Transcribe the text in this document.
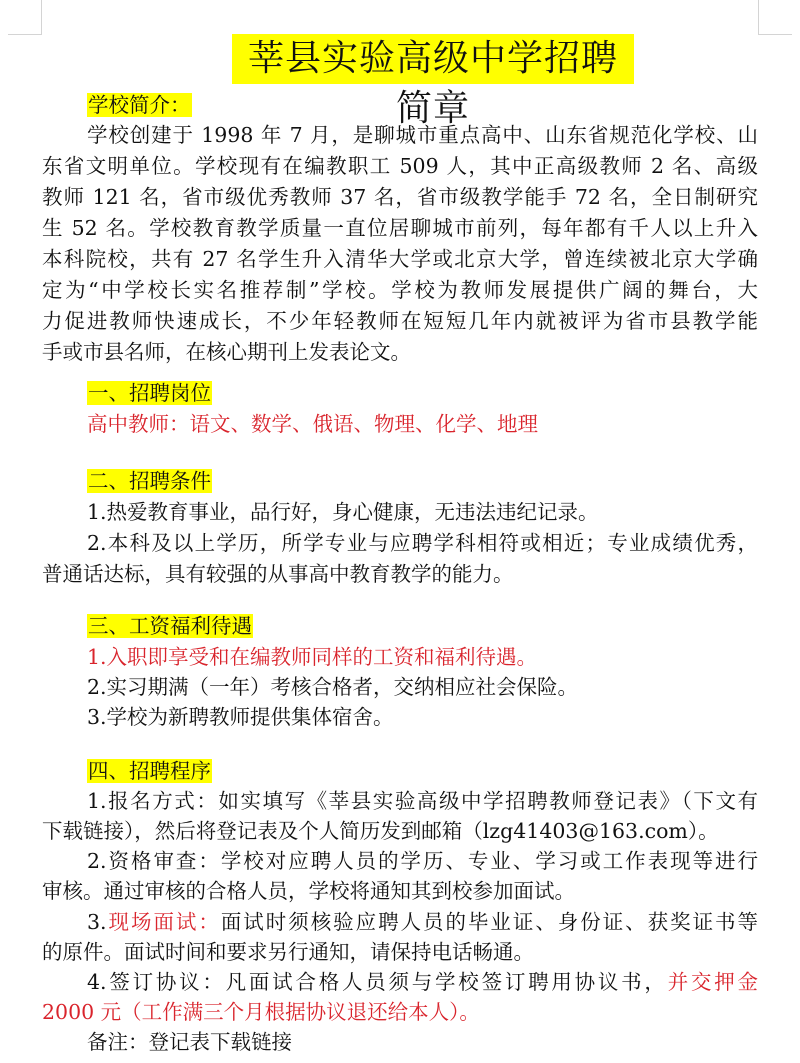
莘县实验高级中学招聘简章
学校简介：
学校创建于 1998 年 7 月，是聊城市重点高中、山东省规范化学校、山
东省文明单位。学校现有在编教职工 509 人，其中正高级教师 2 名、高级
教师 121 名，省市级优秀教师 37 名，省市级教学能手 72 名，全日制研究
生 52 名。学校教育教学质量一直位居聊城市前列，每年都有千人以上升入
本科院校，共有 27 名学生升入清华大学或北京大学，曾连续被北京大学确
定为“中学校长实名推荐制”学校。学校为教师发展提供广阔的舞台，大
力促进教师快速成长，不少年轻教师在短短几年内就被评为省市县教学能
手或市县名师，在核心期刊上发表论文。
一、招聘岗位
高中教师：语文、数学、俄语、物理、化学、地理
二、招聘条件
1.热爱教育事业，品行好，身心健康，无违法违纪记录。
2.本科及以上学历，所学专业与应聘学科相符或相近；专业成绩优秀，
普通话达标，具有较强的从事高中教育教学的能力。
三、工资福利待遇
1.入职即享受和在编教师同样的工资和福利待遇。
2.实习期满（一年）考核合格者，交纳相应社会保险。
3.学校为新聘教师提供集体宿舍。
四、招聘程序
1.报名方式：如实填写《莘县实验高级中学招聘教师登记表》（下文有
下载链接），然后将登记表及个人简历发到邮箱（lzg41403@163.com）。
2.资格审查：学校对应聘人员的学历、专业、学习或工作表现等进行
审核。通过审核的合格人员，学校将通知其到校参加面试。
3.现场面试：面试时须核验应聘人员的毕业证、身份证、获奖证书等
的原件。面试时间和要求另行通知，请保持电话畅通。
4.签订协议：凡面试合格人员须与学校签订聘用协议书，并交押金
2000 元（工作满三个月根据协议退还给本人）。
备注：登记表下载链接
